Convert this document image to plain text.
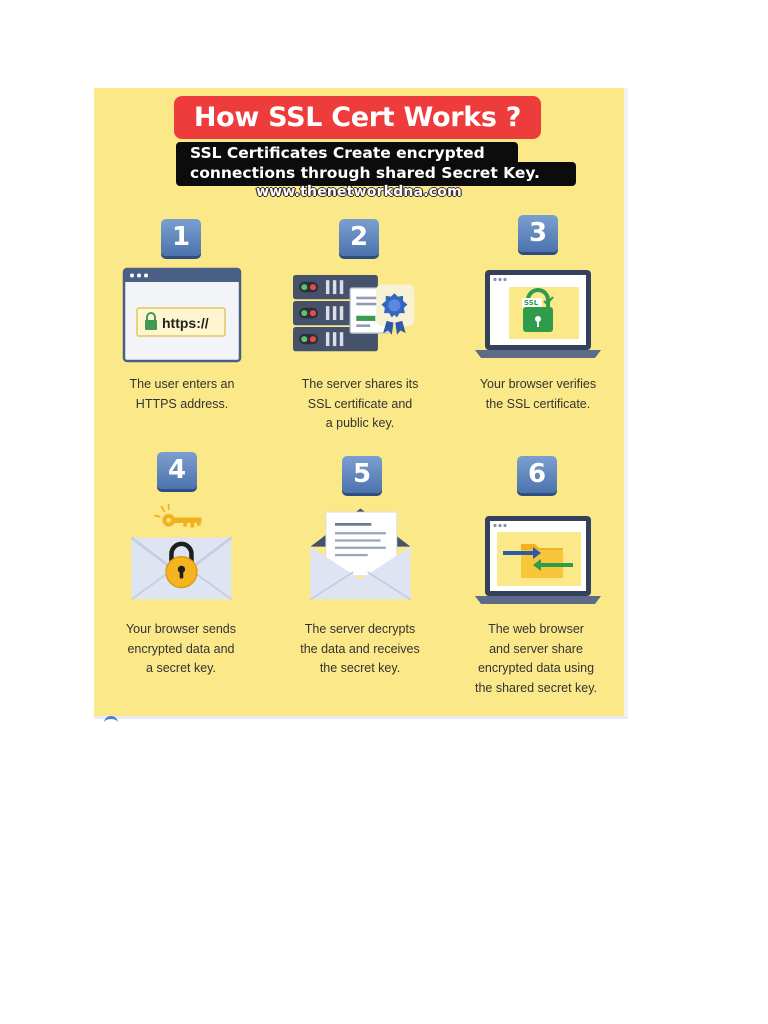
How SSL Cert Works ?
SSL Certificates Create encrypted
connections through shared Secret Key.
www.thenetworkdna.com
1
https://
The user enters an
HTTPS address.
2
The server shares its
SSL certificate and
a public key.
3
SSL
Your browser verifies
the SSL certificate.
4
Your browser sends
encrypted data and
a secret key.
5
The server decrypts
the data and receives
the secret key.
6
The web browser
and server share
encrypted data using
the shared secret key.
